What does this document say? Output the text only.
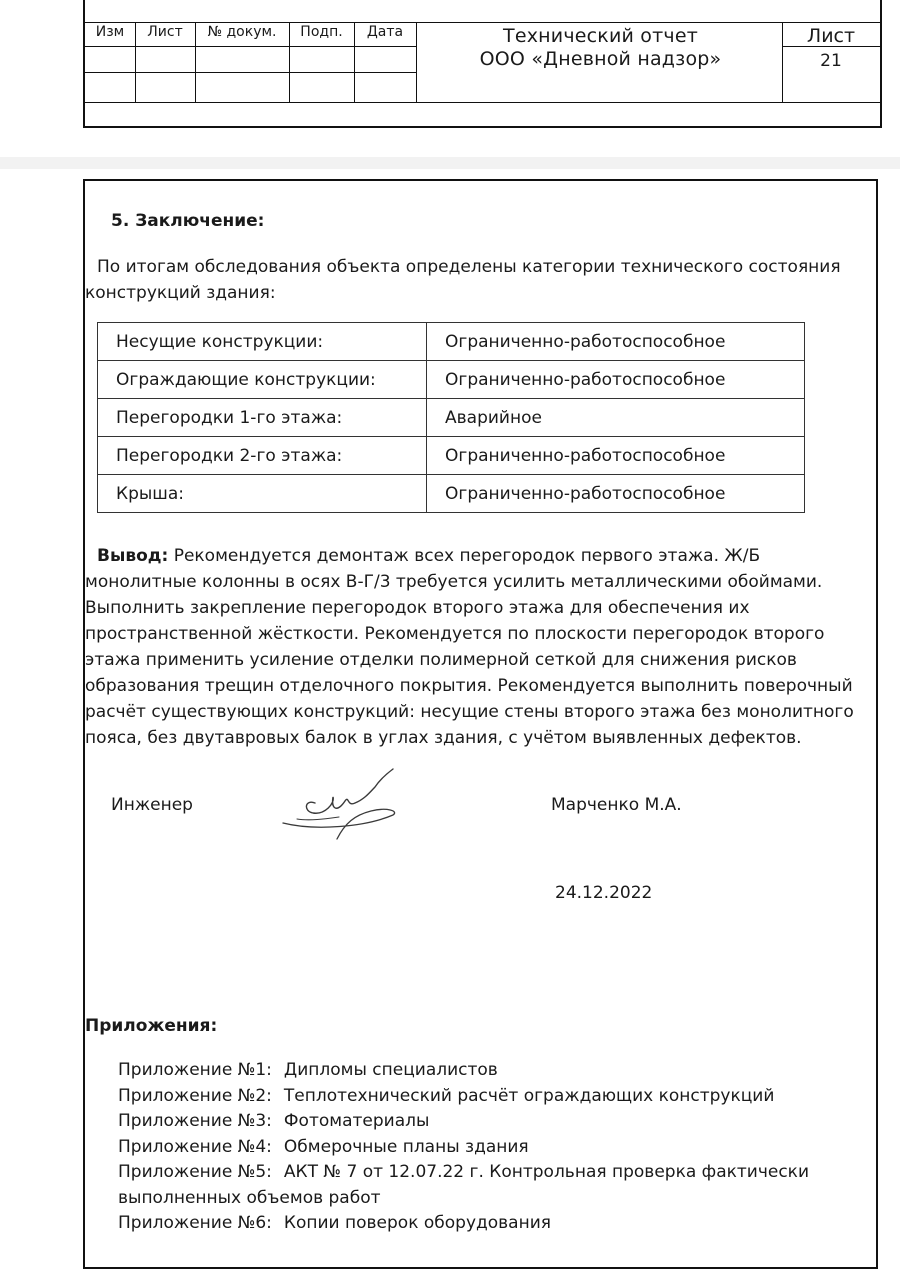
Изм	Лист	№ докум.	Подп.	Дата	Технический отчет
ООО «Дневной надзор»
Лист
21
5. Заключение:
По итогам обследования объекта определены категории технического состояния
конструкций здания:
Несущие конструкции:	Ограниченно-работоспособное
Ограждающие конструкции:	Ограниченно-работоспособное
Перегородки 1-го этажа:	Аварийное
Перегородки 2-го этажа:	Ограниченно-работоспособное
Крыша:	Ограниченно-работоспособное
Вывод: Рекомендуется демонтаж всех перегородок первого этажа. Ж/Б
монолитные колонны в осях В-Г/3 требуется усилить металлическими обоймами.
Выполнить закрепление перегородок второго этажа для обеспечения их
пространственной жёсткости. Рекомендуется по плоскости перегородок второго
этажа применить усиление отделки полимерной сеткой для снижения рисков
образования трещин отделочного покрытия. Рекомендуется выполнить поверочный
расчёт существующих конструкций: несущие стены второго этажа без монолитного
пояса, без двутавровых балок в углах здания, с учётом выявленных дефектов.
Инженер	Марченко М.А.
24.12.2022
Приложения:
Приложение №1: Дипломы специалистов
Приложение №2: Теплотехнический расчёт ограждающих конструкций
Приложение №3: Фотоматериалы
Приложение №4: Обмерочные планы здания
Приложение №5: АКТ № 7 от 12.07.22 г. Контрольная проверка фактически
выполненных объемов работ
Приложение №6: Копии поверок оборудования
